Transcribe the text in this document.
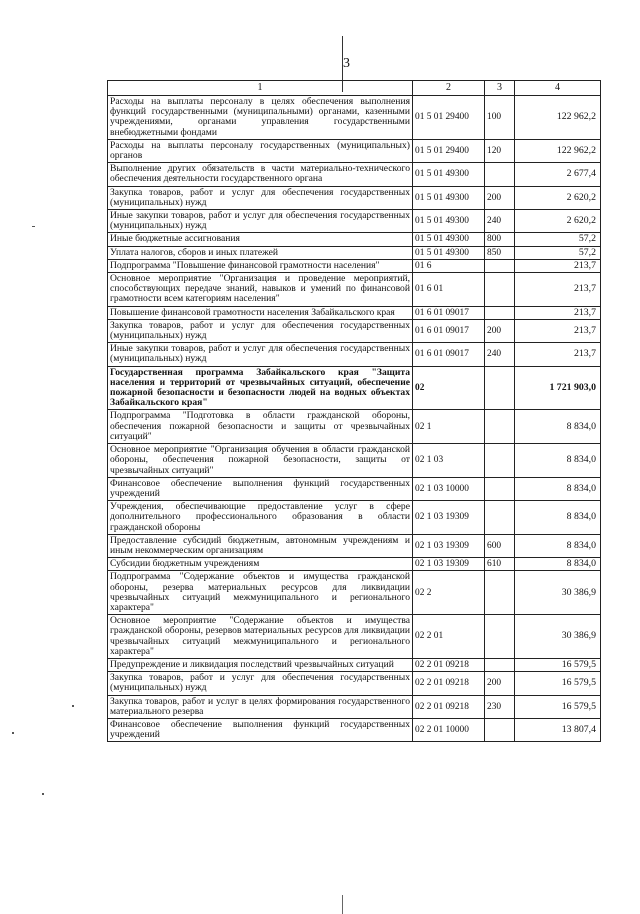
3
1	2	3	4
Расходы на выплаты персоналу в целях обеспечения выполнения функций государственными (муниципальными) органами, казенными учреждениями, органами управления государственными внебюджетными фондами	01 5 01 29400	100	122 962,2
Расходы на выплаты персоналу государственных (муниципальных) органов	01 5 01 29400	120	122 962,2
Выполнение других обязательств в части материально-технического обеспечения деятельности государственного органа	01 5 01 49300		2 677,4
Закупка товаров, работ и услуг для обеспечения государственных (муниципальных) нужд	01 5 01 49300	200	2 620,2
Иные закупки товаров, работ и услуг для обеспечения государственных (муниципальных) нужд	01 5 01 49300	240	2 620,2
Иные бюджетные ассигнования	01 5 01 49300	800	57,2
Уплата налогов, сборов и иных платежей	01 5 01 49300	850	57,2
Подпрограмма "Повышение финансовой грамотности населения"	01 6		213,7
Основное мероприятие "Организация и проведение мероприятий, способствующих передаче знаний, навыков и умений по финансовой грамотности всем категориям населения"	01 6 01		213,7
Повышение финансовой грамотности населения Забайкальского края	01 6 01 09017		213,7
Закупка товаров, работ и услуг для обеспечения государственных (муниципальных) нужд	01 6 01 09017	200	213,7
Иные закупки товаров, работ и услуг для обеспечения государственных (муниципальных) нужд	01 6 01 09017	240	213,7
Государственная программа Забайкальского края "Защита населения и территорий от чрезвычайных ситуаций, обеспечение пожарной безопасности и безопасности людей на водных объектах Забайкальского края"	02		1 721 903,0
Подпрограмма "Подготовка в области гражданской обороны, обеспечения пожарной безопасности и защиты от чрезвычайных ситуаций"	02 1		8 834,0
Основное мероприятие "Организация обучения в области гражданской обороны, обеспечения пожарной безопасности, защиты от чрезвычайных ситуаций"	02 1 03		8 834,0
Финансовое обеспечение выполнения функций государственных учреждений	02 1 03 10000		8 834,0
Учреждения, обеспечивающие предоставление услуг в сфере дополнительного профессионального образования в области гражданской обороны	02 1 03 19309		8 834,0
Предоставление субсидий бюджетным, автономным учреждениям и иным некоммерческим организациям	02 1 03 19309	600	8 834,0
Субсидии бюджетным учреждениям	02 1 03 19309	610	8 834,0
Подпрограмма "Содержание объектов и имущества гражданской обороны, резерва материальных ресурсов для ликвидации чрезвычайных ситуаций межмуниципального и регионального характера"	02 2		30 386,9
Основное мероприятие "Содержание объектов и имущества гражданской обороны, резервов материальных ресурсов для ликвидации чрезвычайных ситуаций межмуниципального и регионального характера"	02 2 01		30 386,9
Предупреждение и ликвидация последствий чрезвычайных ситуаций	02 2 01 09218		16 579,5
Закупка товаров, работ и услуг для обеспечения государственных (муниципальных) нужд	02 2 01 09218	200	16 579,5
Закупка товаров, работ и услуг в целях формирования государственного материального резерва	02 2 01 09218	230	16 579,5
Финансовое обеспечение выполнения функций государственных учреждений	02 2 01 10000		13 807,4
